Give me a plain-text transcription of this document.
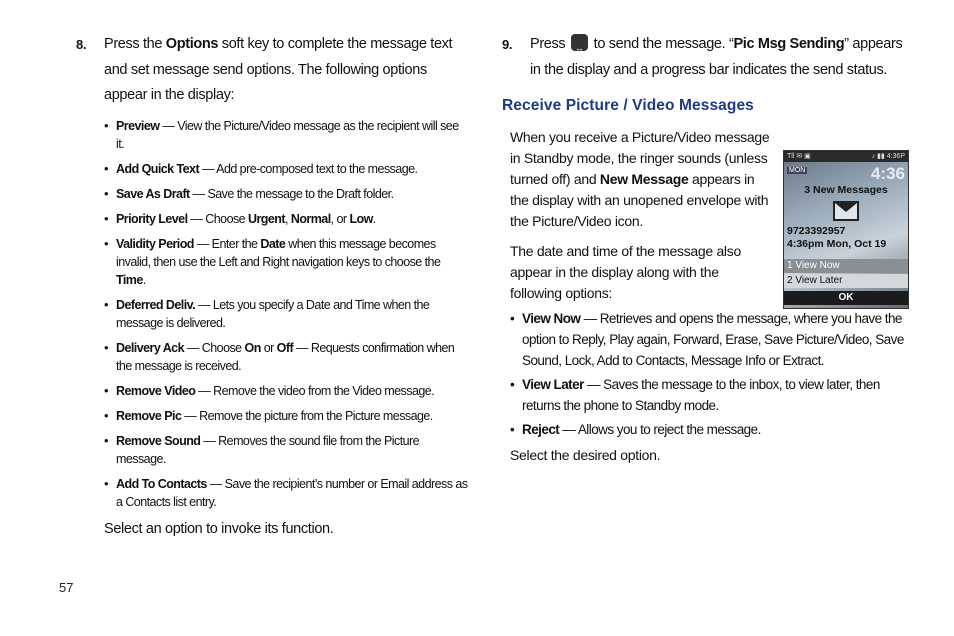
8. Press the Options soft key to complete the message text and set message send options. The following options appear in the display:
• Preview — View the Picture/Video message as the recipient will see it.
• Add Quick Text — Add pre-composed text to the message.
• Save As Draft — Save the message to the Draft folder.
• Priority Level — Choose Urgent, Normal, or Low.
• Validity Period — Enter the Date when this message becomes invalid, then use the Left and Right navigation keys to choose the Time.
• Deferred Deliv. — Lets you specify a Date and Time when the message is delivered.
• Delivery Ack — Choose On or Off — Requests confirmation when the message is received.
• Remove Video — Remove the video from the Video message.
• Remove Pic — Remove the picture from the Picture message.
• Remove Sound — Removes the sound file from the Picture message.
• Add To Contacts — Save the recipient’s number or Email address as a Contacts list entry.
Select an option to invoke its function.
9. Press ↔ to send the message. “Pic Msg Sending” appears in the display and a progress bar indicates the send status.
Receive Picture / Video Messages
When you receive a Picture/Video message in Standby mode, the ringer sounds (unless turned off) and New Message appears in the display with an unopened envelope with the Picture/Video icon.
The date and time of the message also appear in the display along with the following options:
• View Now — Retrieves and opens the message, where you have the option to Reply, Play again, Forward, Erase, Save Picture/Video, Save Sound, Lock, Add to Contacts, Message Info or Extract.
• View Later — Saves the message to the inbox, to view later, then returns the phone to Standby mode.
• Reject — Allows you to reject the message.
Select the desired option.
Tll ✉ ▣	♪ ▮▮ 4:36P
MON	4:36
3 New Messages
9723392957
4:36pm Mon, Oct 19
1 View Now
2 View Later
OK
57
